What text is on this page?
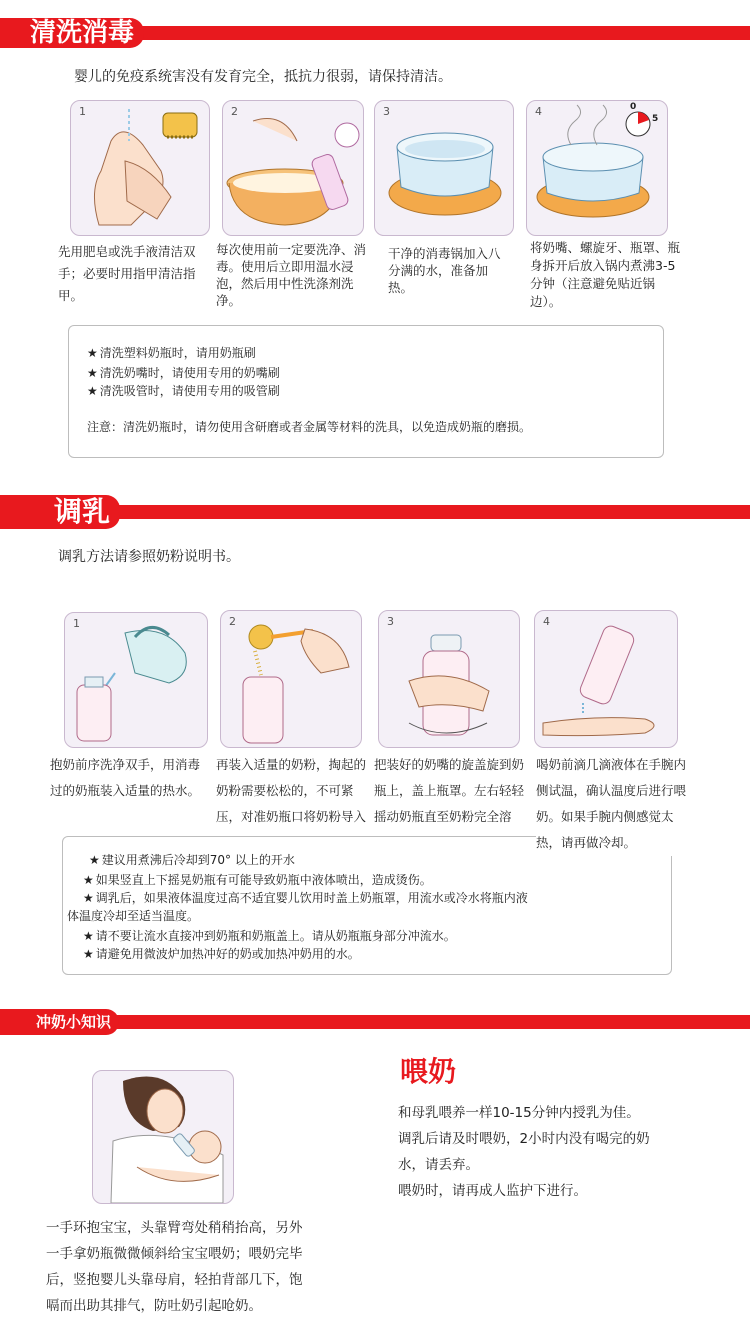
清洗消毒
婴儿的免疫系统害没有发育完全，抵抗力很弱，请保持清洁。
1	2	3	4	0
5
先用肥皂或洗手液清洁双手；必要时用指甲清洁指甲。
每次使用前一定要洗净、消毒。使用后立即用温水浸泡，然后用中性洗涤剂洗净。
干净的消毒锅加入八分满的水，准备加热。
将奶嘴、螺旋牙、瓶罩、瓶身拆开后放入锅内煮沸3-5分钟（注意避免贴近锅边）。
★ 清洗塑料奶瓶时，请用奶瓶刷
★ 清洗奶嘴时，请使用专用的奶嘴刷
★ 清洗吸管时，请使用专用的吸管刷
注意：清洗奶瓶时，请勿使用含研磨或者金属等材料的洗具，以免造成奶瓶的磨损。
调乳
调乳方法请参照奶粉说明书。
1	2	3	4
抱奶前序洗净双手，用消毒过的奶瓶装入适量的热水。
再装入适量的奶粉，掏起的奶粉需要松松的，不可紧压，对准奶瓶口将奶粉导入
把装好的奶嘴的旋盖旋到奶瓶上，盖上瓶罩。左右轻轻摇动奶瓶直至奶粉完全溶
★ 建议用煮沸后冷却到70° 以上的开水
★ 如果竖直上下摇晃奶瓶有可能导致奶瓶中液体喷出，造成烫伤。
★ 调乳后，如果液体温度过高不适宜婴儿饮用时盖上奶瓶罩，用流水或冷水将瓶内液
体温度冷却至适当温度。
★ 请不要让流水直接冲到奶瓶和奶瓶盖上。请从奶瓶瓶身部分冲流水。
★ 请避免用微波炉加热冲好的奶或加热冲奶用的水。
喝奶前滴几滴液体在手腕内侧试温，确认温度后进行喂奶。如果手腕内侧感觉太热，请再做冷却。
冲奶小知识
一手环抱宝宝，头靠臂弯处稍稍抬高，另外
一手拿奶瓶微微倾斜给宝宝喂奶；喂奶完毕
后，竖抱婴儿头靠母肩，轻拍背部几下，饱
嗝而出助其排气，防吐奶引起呛奶。
喂奶
和母乳喂养一样10-15分钟内授乳为佳。
调乳后请及时喂奶，2小时内没有喝完的奶
水，请丢弃。
喂奶时，请再成人监护下进行。
